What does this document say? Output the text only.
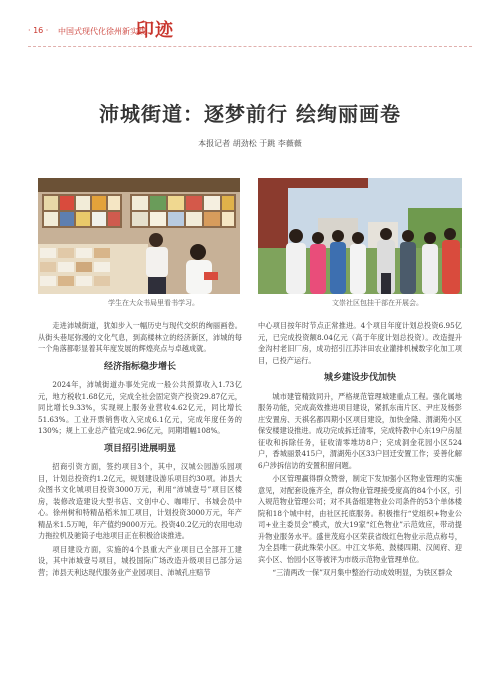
· 16 · 中国式现代化徐州新实践
印迹
沛城街道：逐梦前行 绘绚丽画卷
本报记者 胡劲松 于跳 李薇薇
学生在大众书局里看书学习。	文崇社区包挂干部在开展会。

走进沛城街道，犹如步入一幅历史与现代交织的绚丽画卷。从街头巷尾弥漫的文化气息，到高楼林立的经济新区，沛城的每一个角落都彰显着其年度发展的辉煌亮点与卓越成就。

经济指标稳步增长

2024年，沛城街道办事处完成一般公共预算收入1.73亿元，地方税收1.68亿元，完成全社会固定资产投资29.87亿元，同比增长9.33%，实现规上服务业营收4.62亿元，同比增长51.63%。工业开票销售收入完成6.1亿元，完成年度任务的130%；规上工业总产值完成2.96亿元，同期增幅108%。

项目招引进展明显

招商引资方面，签约项目3个，其中，汉城公园游乐园项目，计划总投资约1.2亿元，规划建设游乐项目约30项。沛县大众图书文化城项目投资3000万元，利用“沛城壹号”项目区楼房，装修改造建设大型书店、文创中心、咖啡厅、书城会员中心。徐州树和特精品稻米加工项目，计划投资3000万元，年产精品米1.5万吨，年产值约9000万元。投资40.2亿元的农用电动力拖拉机及驰筒子电池项目正在积极洽谈推进。

项目建设方面，实施的4个县重大产业项目已全部开工建设，其中沛城壹号项目，城投国际广场改造升级项目已部分运营；沛县天利达现代服务业产业园项目、沛城孔庄赔节

中心项目按年时节点正常推进。4个项目年度计划总投资6.95亿元，已完成投资额8.04亿元（高于年度计划总投资）。改造提升金沟村老旧厂房，成功招引江苏沣田农业灌排机械数字化加工项目，已投产运行。

城乡建设步伐加快

城市建管精致同升，严格规范管理城建重点工程。强化属地服务功能，完成高效推进项目建设，紧抓东南片区、尹庄及杨彭庄安置房、天祺名都四期小区项目建设，加快金隆、渭湖苑小区保安楼建设推进。成功完成拆迁清零，完成特教中心东19户房屋征收和拆除任务，征收清零堆坊8户；完成洞金花园小区524户，香城丽景415户，渭湖苑小区33户回迁安置工作；妥善化解6户涉拆信访的安置积留问题。

小区管理赢得群众赞誉，制定下发加强小区物业管理的实施意见，对配套设施齐全，群众物业管理接受度高的84个小区，引入规范物业管理公司；对不具备组建物业公司条件的53个单体楼院和18个城中村，由社区托底服务。积极推行“党组织+物业公司+业主委员会”模式，放大19家“红色物业”示范效应，带动提升物业服务水平。盛世茂庭小区荣获省级红色物业示范点称号，为全县唯一获此殊荣小区。中江文华苑、鼓楼四期、汉阅府、迎宾小区、怡园小区等被评为市级示范物业管理单位。

“三清两改一保”双月集中整治行动成效明显，为铁区群众
